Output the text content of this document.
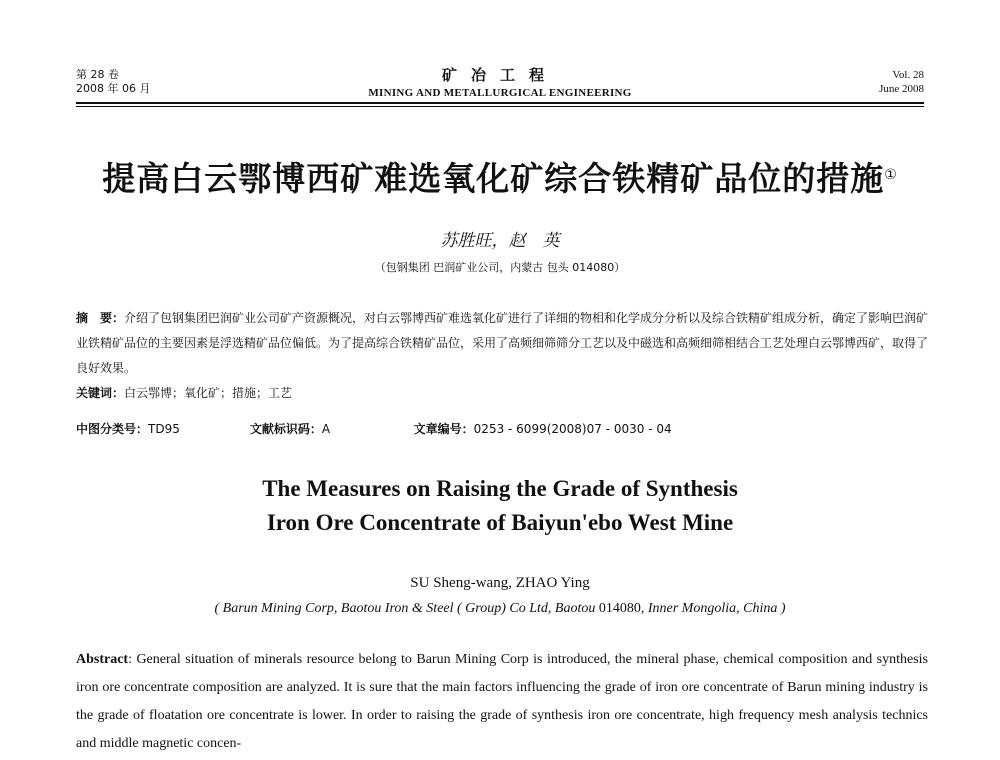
第 28 卷
2008 年 06 月
矿冶工程
MINING AND METALLURGICAL ENGINEERING
Vol. 28
June 2008
提高白云鄂博西矿难选氧化矿综合铁精矿品位的措施①
苏胜旺，赵　英
（包钢集团 巴润矿业公司，内蒙古 包头 014080）

摘　要：介绍了包钢集团巴润矿业公司矿产资源概况，对白云鄂博西矿难选氧化矿进行了详细的物相和化学成分分析以及综合铁精矿组成分析，确定了影响巴润矿业铁精矿品位的主要因素是浮选精矿品位偏低。为了提高综合铁精矿品位，采用了高频细筛筛分工艺以及中磁选和高频细筛相结合工艺处理白云鄂博西矿，取得了良好效果。

关键词：白云鄂博；氧化矿；措施；工艺

中图分类号：TD95	文献标识码：A	文章编号：0253 - 6099(2008)07 - 0030 - 04
The Measures on Raising the Grade of Synthesis
Iron Ore Concentrate of Baiyun'ebo West Mine
SU Sheng-wang, ZHAO Ying
( Barun Mining Corp, Baotou Iron & Steel ( Group) Co Ltd, Baotou 014080, Inner Mongolia, China )
Abstract: General situation of minerals resource belong to Barun Mining Corp is introduced, the mineral phase, chemical composition and synthesis iron ore concentrate composition are analyzed. It is sure that the main factors influencing the grade of iron ore concentrate of Barun mining industry is the grade of floatation ore concentrate is lower. In order to raising the grade of synthesis iron ore concentrate, high frequency mesh analysis technics and middle magnetic concen-
